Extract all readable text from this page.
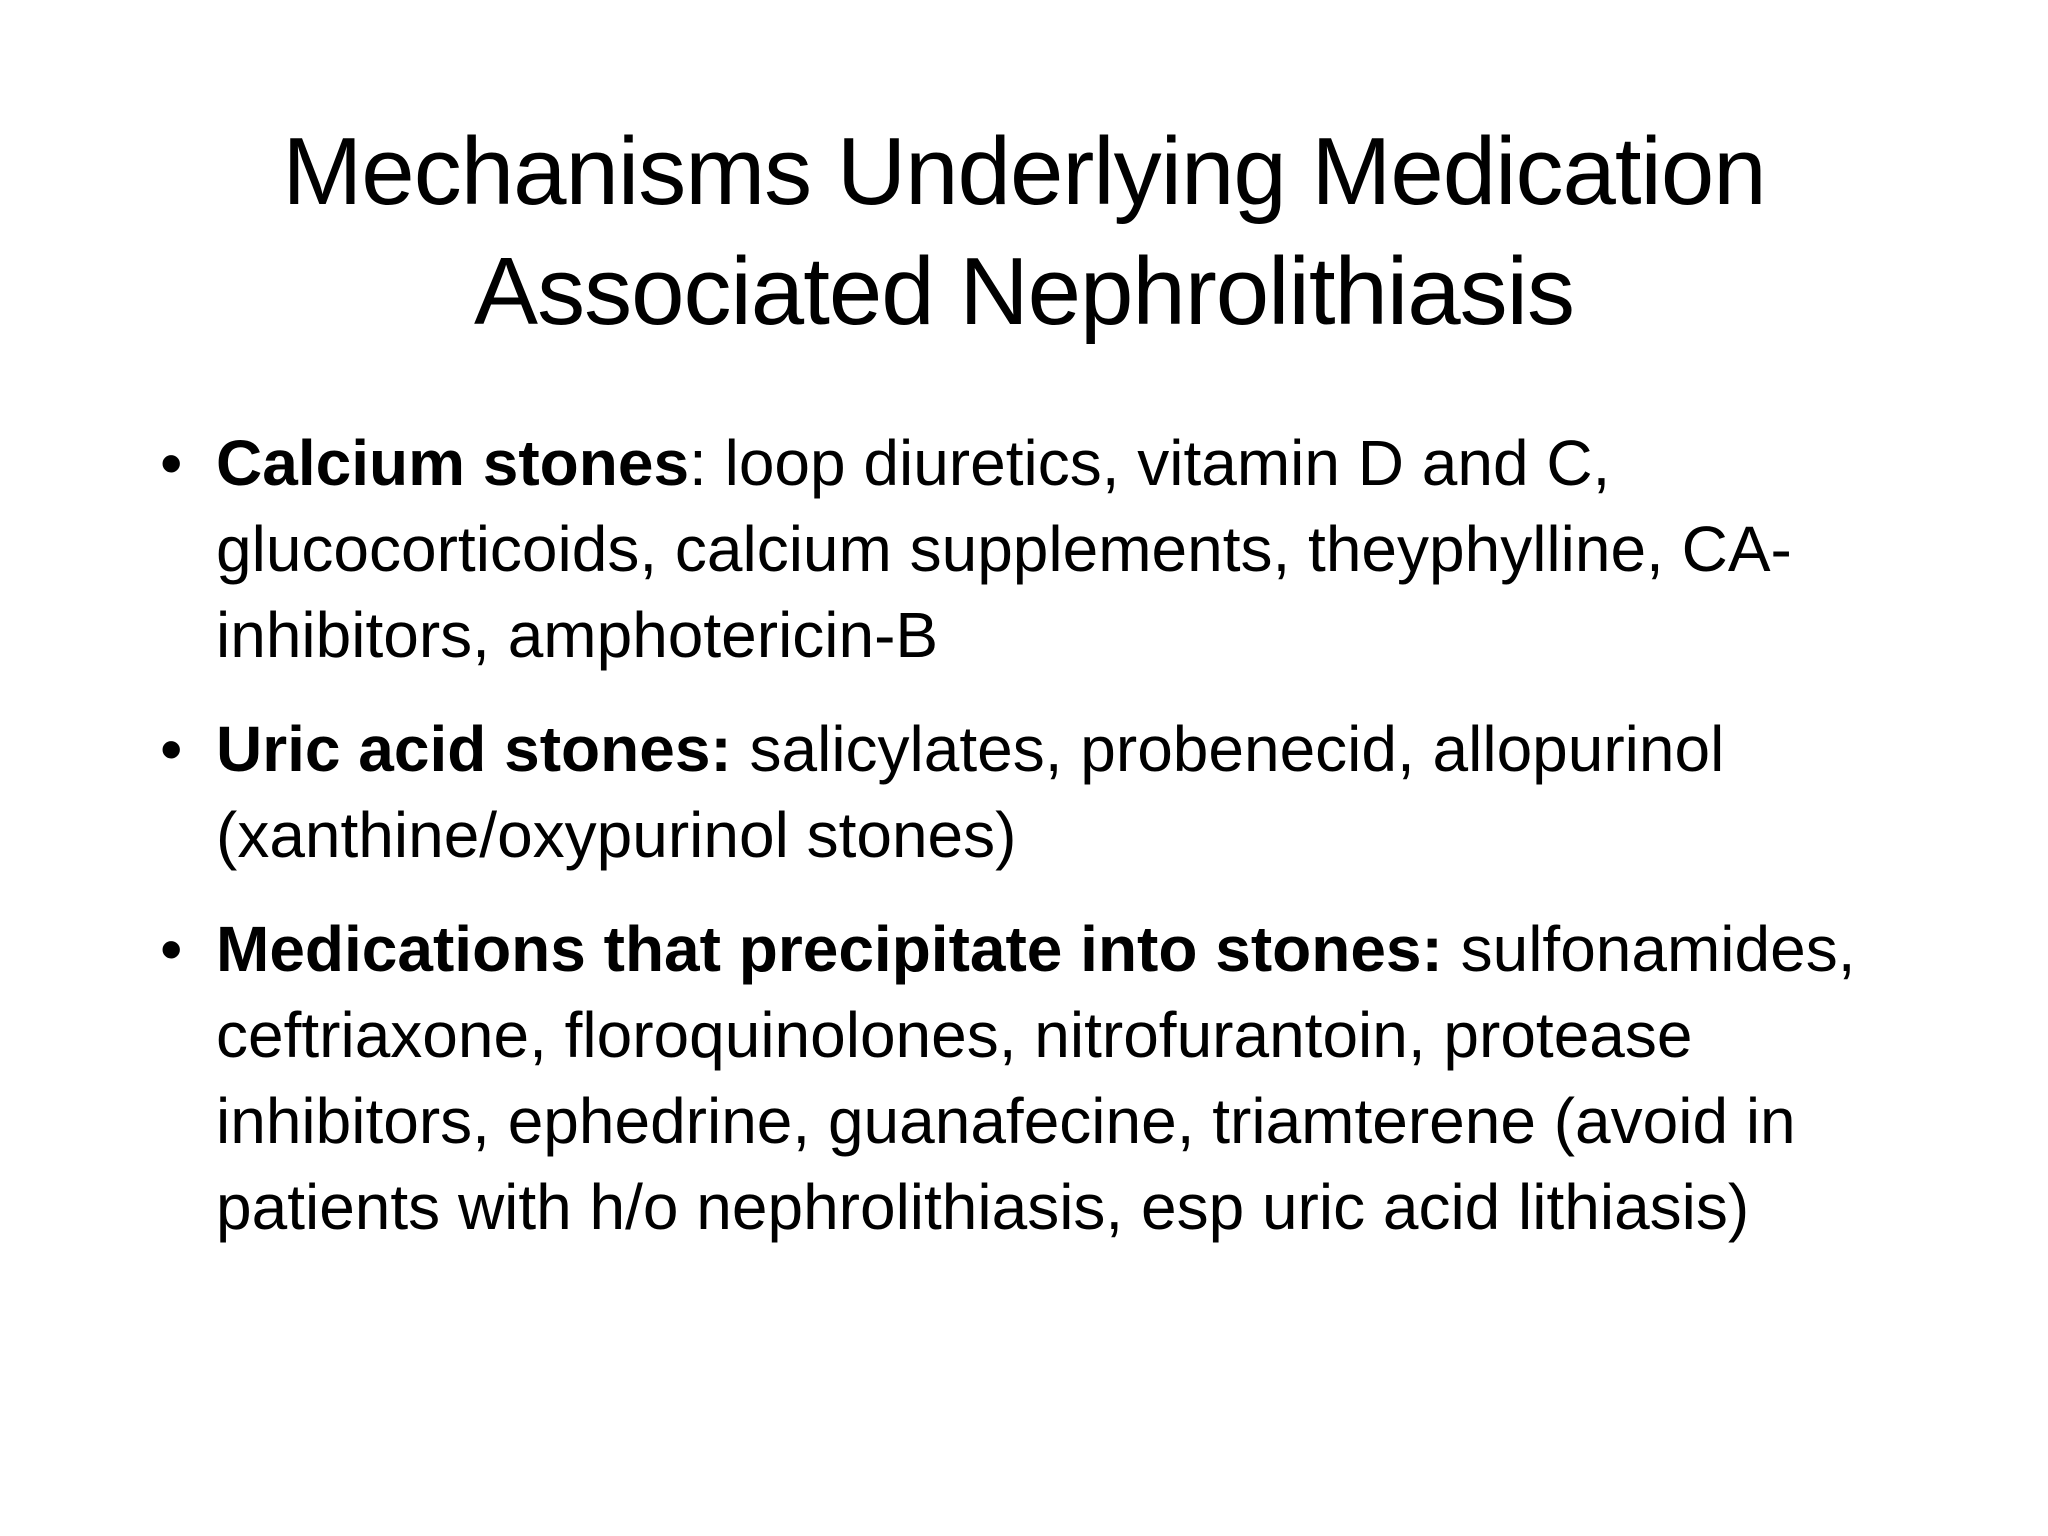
Mechanisms Underlying Medication
Associated Nephrolithiasis
• Calcium stones: loop diuretics, vitamin D and C, glucocorticoids, calcium supplements, theyphylline, CA-inhibitors, amphotericin-B
• Uric acid stones: salicylates, probenecid, allopurinol (xanthine/oxypurinol stones)
• Medications that precipitate into stones: sulfonamides, ceftriaxone, floroquinolones, nitrofurantoin, protease inhibitors, ephedrine, guanafecine, triamterene (avoid in patients with h/o nephrolithiasis, esp uric acid lithiasis)
